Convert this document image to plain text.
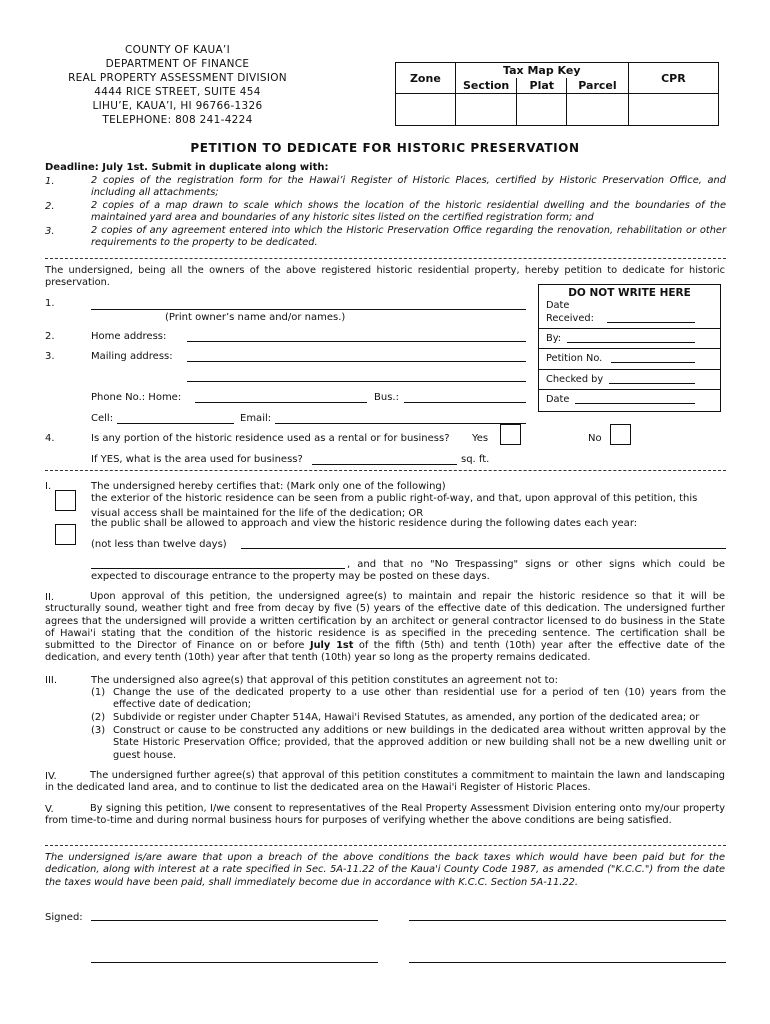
COUNTY OF KAUA’I
DEPARTMENT OF FINANCE
REAL PROPERTY ASSESSMENT DIVISION
4444 RICE STREET, SUITE 454
LIHU’E, KAUA’I, HI 96766-1326
TELEPHONE: 808 241-4224
Zone	Tax Map Key			CPR
	Section	Plat	Parcel	

PETITION TO DEDICATE FOR HISTORIC PRESERVATION
Deadline: July 1st. Submit in duplicate along with:
1.	2 copies of the registration form for the Hawai’i Register of Historic Places, certified by Historic Preservation Office, and including all attachments;
2.	2 copies of a map drawn to scale which shows the location of the historic residential dwelling and the boundaries of the maintained yard area and boundaries of any historic sites listed on the certified registration form; and
3.	2 copies of any agreement entered into which the Historic Preservation Office regarding the renovation, rehabilitation or other requirements to the property to be dedicated.
The undersigned, being all the owners of the above registered historic residential property, hereby petition to dedicate for historic preservation.
1.
(Print owner’s name and/or names.)
2.	Home address:
3.	Mailing address:
Phone No.: Home:	Bus.:
Cell:	Email:
DO NOT WRITE HERE
Date
Received:
By:
Petition No.
Checked by
Date
4.	Is any portion of the historic residence used as a rental or for business? Yes	No
If YES, what is the area used for business?	sq. ft.
I.	The undersigned hereby certifies that: (Mark only one of the following)
the exterior of the historic residence can be seen from a public right-of-way, and that, upon approval of this petition, this
visual access shall be maintained for the life of the dedication; OR
the public shall be allowed to approach and view the historic residence during the following dates each year:
(not less than twelve days)
, and that no "No Trespassing" signs or other signs which could be
expected to discourage entrance to the property may be posted on these days.
II.	Upon approval of this petition, the undersigned agree(s) to maintain and repair the historic residence so that it will be structurally sound, weather tight and free from decay by five (5) years of the effective date of this dedication. The undersigned further agrees that the undersigned will provide a written certification by an architect or general contractor licensed to do business in the State of Hawai'i stating that the condition of the historic residence is as specified in the preceding sentence. The certification shall be submitted to the Director of Finance on or before July 1st of the fifth (5th) and tenth (10th) year after the effective date of the dedication, and every tenth (10th) year after that tenth (10th) year so long as the property remains dedicated.
III.	The undersigned also agree(s) that approval of this petition constitutes an agreement not to:
(1) Change the use of the dedicated property to a use other than residential use for a period of ten (10) years from the effective date of dedication;
(2) Subdivide or register under Chapter 514A, Hawai'i Revised Statutes, as amended, any portion of the dedicated area; or
(3) Construct or cause to be constructed any additions or new buildings in the dedicated area without written approval by the State Historic Preservation Office; provided, that the approved addition or new building shall not be a new dwelling unit or guest house.
IV.	The undersigned further agree(s) that approval of this petition constitutes a commitment to maintain the lawn and landscaping in the dedicated land area, and to continue to list the dedicated area on the Hawai'i Register of Historic Places.
V.	By signing this petition, I/we consent to representatives of the Real Property Assessment Division entering onto my/our property from time-to-time and during normal business hours for purposes of verifying whether the above conditions are being satisfied.
The undersigned is/are aware that upon a breach of the above conditions the back taxes which would have been paid but for the dedication, along with interest at a rate specified in Sec. 5A-11.22 of the Kaua'i County Code 1987, as amended ("K.C.C.") from the date the taxes would have been paid, shall immediately become due in accordance with K.C.C. Section 5A-11.22.
Signed:
